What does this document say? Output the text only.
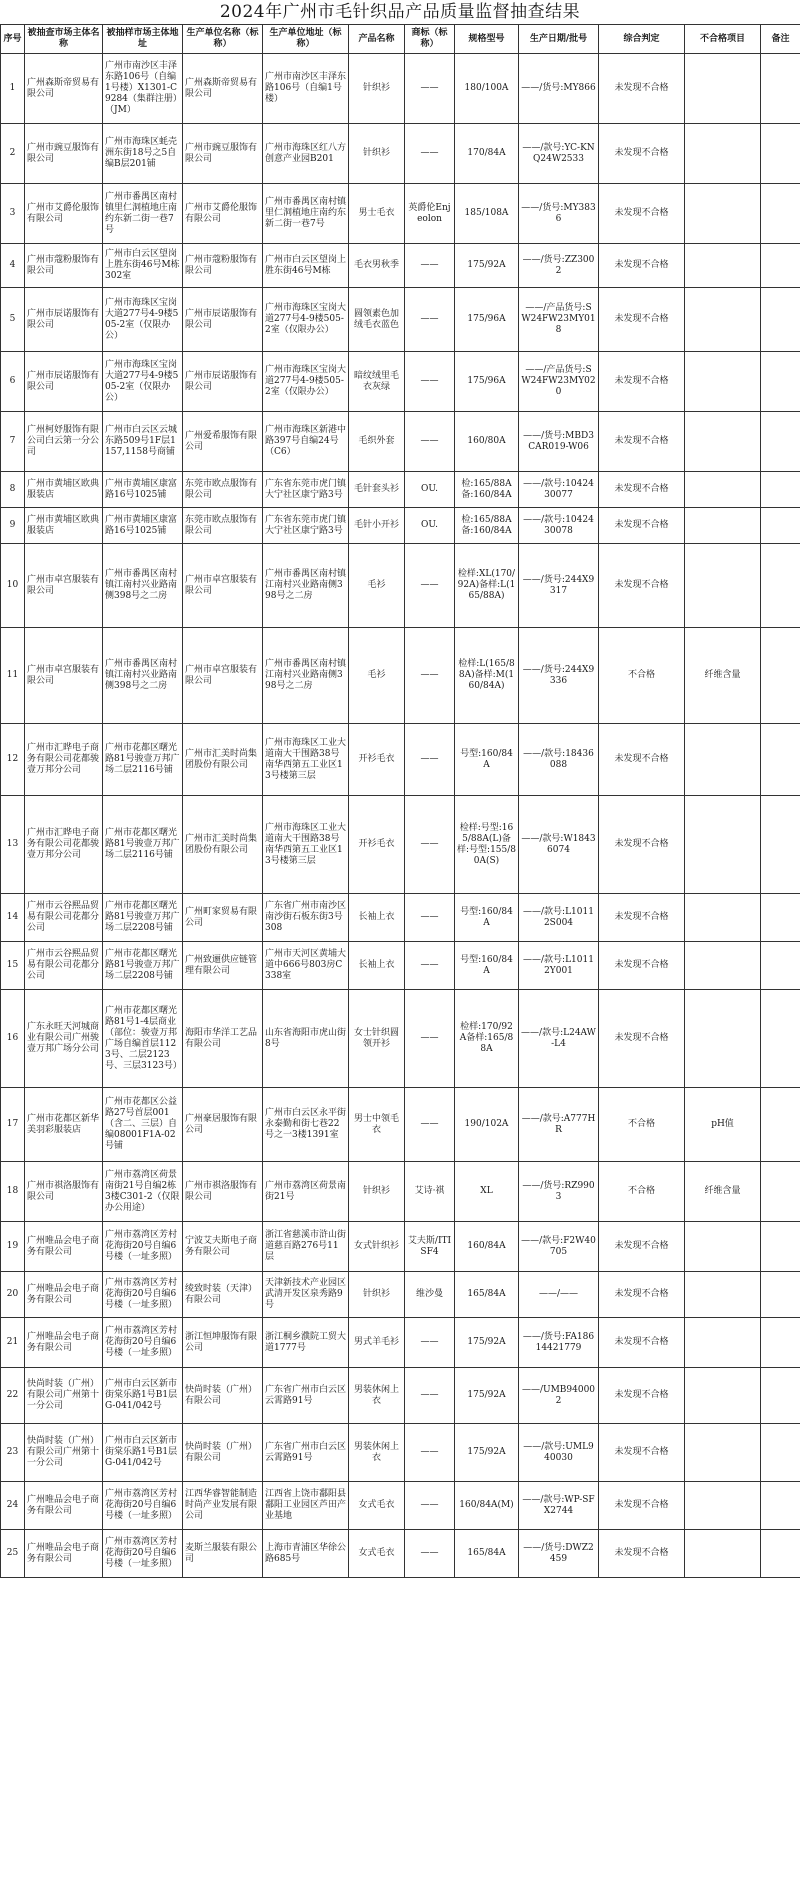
2024年广州市毛针织品产品质量监督抽查结果
序号	被抽查市场主体名称	被抽样市场主体地址	生产单位名称（标称）	生产单位地址（标称）	产品名称	商标（标称）	规格型号	生产日期/批号	综合判定	不合格项目	备注
1	广州森斯帝贸易有限公司	广州市南沙区丰泽东路106号（自编1号楼）X1301-C9284（集群注册）（JM）	广州森斯帝贸易有限公司	广州市南沙区丰泽东路106号（自编1号楼）	针织衫	——	180/100A	——/货号:MY866	未发现不合格		
2	广州市豌豆服饰有限公司	广州市海珠区蚝壳洲东街18号之5自编B层201铺	广州市豌豆服饰有限公司	广州市海珠区红八方创意产业园B201	针织衫	——	170/84A	——/款号:YC-KNQ24W2533	未发现不合格		
3	广州市艾爵伦服饰有限公司	广州市番禺区南村镇里仁洞植地庄南约东新二街一巷7号	广州市艾爵伦服饰有限公司	广州市番禺区南村镇里仁洞植地庄南约东新二街一巷7号	男士毛衣	英爵伦Enjeolon	185/108A	——/货号:MY3836	未发现不合格		
4	广州市蔻粉服饰有限公司	广州市白云区望岗上胜东街46号M栋302室	广州市蔻粉服饰有限公司	广州市白云区望岗上胜东街46号M栋	毛衣男秋季	——	175/92A	——/货号:ZZ3002	未发现不合格		
5	广州市辰诺服饰有限公司	广州市海珠区宝岗大道277号4-9楼505-2室（仅限办公）	广州市辰诺服饰有限公司	广州市海珠区宝岗大道277号4-9楼505-2室（仅限办公）	圆领素色加绒毛衣蓝色	——	175/96A	——/产品货号:SW24FW23MY018	未发现不合格		
6	广州市辰诺服饰有限公司	广州市海珠区宝岗大道277号4-9楼505-2室（仅限办公）	广州市辰诺服饰有限公司	广州市海珠区宝岗大道277号4-9楼505-2室（仅限办公）	暗纹绒里毛衣灰绿	——	175/96A	——/产品货号:SW24FW23MY020	未发现不合格		
7	广州柯妤服饰有限公司白云第一分公司	广州市白云区云城东路509号1F层1157,1158号商铺	广州爱希服饰有限公司	广州市海珠区新港中路397号自编24号（C6）	毛织外套	——	160/80A	——/货号:MBD3CAR019-W06	未发现不合格		
8	广州市黄埔区欧典服装店	广州市黄埔区康富路16号1025铺	东莞市欧点服饰有限公司	广东省东莞市虎门镇大宁社区康宁路3号	毛针套头衫	OU.	检:165/88A备:160/84A	——/款号:1042430077	未发现不合格		
9	广州市黄埔区欧典服装店	广州市黄埔区康富路16号1025铺	东莞市欧点服饰有限公司	广东省东莞市虎门镇大宁社区康宁路3号	毛针小开衫	OU.	检:165/88A备:160/84A	——/款号:1042430078	未发现不合格		
10	广州市卓宫服装有限公司	广州市番禺区南村镇江南村兴业路南侧398号之二房	广州市卓宫服装有限公司	广州市番禺区南村镇江南村兴业路南侧398号之二房	毛衫	——	检样:XL(170/92A)备样:L(165/88A)	——/货号:244X9317	未发现不合格		
11	广州市卓宫服装有限公司	广州市番禺区南村镇江南村兴业路南侧398号之二房	广州市卓宫服装有限公司	广州市番禺区南村镇江南村兴业路南侧398号之二房	毛衫	——	检样:L(165/88A)备样:M(160/84A)	——/货号:244X9336	不合格	纤维含量	
12	广州市汇晔电子商务有限公司花都骏壹万邦分公司	广州市花都区曙光路81号骏壹万邦广场二层2116号铺	广州市汇美时尚集团股份有限公司	广州市海珠区工业大道南大干围路38号南华西第五工业区13号楼第三层	开衫毛衣	——	号型:160/84A	——/款号:18436088	未发现不合格		
13	广州市汇晔电子商务有限公司花都骏壹万邦分公司	广州市花都区曙光路81号骏壹万邦广场二层2116号铺	广州市汇美时尚集团股份有限公司	广州市海珠区工业大道南大干围路38号南华西第五工业区13号楼第三层	开衫毛衣	——	检样:号型:165/88A(L)备样:号型:155/80A(S)	——/款号:W18436074	未发现不合格		
14	广州市云谷熙品贸易有限公司花都分公司	广州市花都区曙光路81号骏壹万邦广场二层2208号铺	广州町家贸易有限公司	广东省广州市南沙区南沙街石板东街3号308	长袖上衣	——	号型:160/84A	——/款号:L10112S004	未发现不合格		
15	广州市云谷熙品贸易有限公司花都分公司	广州市花都区曙光路81号骏壹万邦广场二层2208号铺	广州致逦供应链管理有限公司	广州市天河区黄埔大道中666号803房C338室	长袖上衣	——	号型:160/84A	——/款号:L10112Y001	未发现不合格		
16	广东永旺天河城商业有限公司广州骏壹万邦广场分公司	广州市花都区曙光路81号1-4层商业（部位：骏壹万邦广场自编首层1123号、二层2123号、三层3123号）	海阳市华洋工艺品有限公司	山东省海阳市虎山街8号	女士针织圆领开衫	——	检样:170/92A备样:165/88A	——/款号:L24AW-L4	未发现不合格		
17	广州市花都区新华美羽彩服装店	广州市花都区公益路27号首层001（含二、三层）自编08001F1A-02号铺	广州豪居服饰有限公司	广州市白云区永平街永泰勤和街七巷22号之一3楼1391室	男士中领毛衣	——	190/102A	——/款号:A777HR	不合格	pH值	
18	广州市祺洛服饰有限公司	广州市荔湾区荷景南街21号自编2栋3楼C301-2（仅限办公用途）	广州市祺洛服饰有限公司	广州市荔湾区荷景南街21号	针织衫	艾诗·祺	XL	——/货号:RZ9903	不合格	纤维含量	
19	广州唯品会电子商务有限公司	广州市荔湾区芳村花海街20号自编6号楼（一址多照）	宁波艾夫斯电子商务有限公司	浙江省慈溪市浒山街道慈百路276号11层	女式针织衫	艾夫斯/ITISF4	160/84A	——/款号:F2W40705	未发现不合格		
20	广州唯品会电子商务有限公司	广州市荔湾区芳村花海街20号自编6号楼（一址多照）	绫致时装（天津）有限公司	天津新技术产业园区武清开发区泉秀路9号	针织衫	维沙曼	165/84A	——/——	未发现不合格		
21	广州唯品会电子商务有限公司	广州市荔湾区芳村花海街20号自编6号楼（一址多照）	浙江恒坤服饰有限公司	浙江桐乡濮院工贸大道1777号	男式羊毛衫	——	175/92A	——/货号:FA18614421779	未发现不合格		
22	快尚时装（广州）有限公司广州第十一分公司	广州市白云区新市街棠乐路1号B1层G-041/042号	快尚时装（广州）有限公司	广东省广州市白云区云霄路91号	男装休闲上衣	——	175/92A	——/UMB940002	未发现不合格		
23	快尚时装（广州）有限公司广州第十一分公司	广州市白云区新市街棠乐路1号B1层G-041/042号	快尚时装（广州）有限公司	广东省广州市白云区云霄路91号	男装休闲上衣	——	175/92A	——/款号:UML940030	未发现不合格		
24	广州唯品会电子商务有限公司	广州市荔湾区芳村花海街20号自编6号楼（一址多照）	江西华睿智能制造时尚产业发展有限公司	江西省上饶市鄱阳县鄱阳工业园区芦田产业基地	女式毛衣	——	160/84A(M)	——/款号:WP-SFX2744	未发现不合格		
25	广州唯品会电子商务有限公司	广州市荔湾区芳村花海街20号自编6号楼（一址多照）	麦斯兰服装有限公司	上海市青浦区华徐公路685号	女式毛衣	——	165/84A	——/货号:DWZ2459	未发现不合格		
